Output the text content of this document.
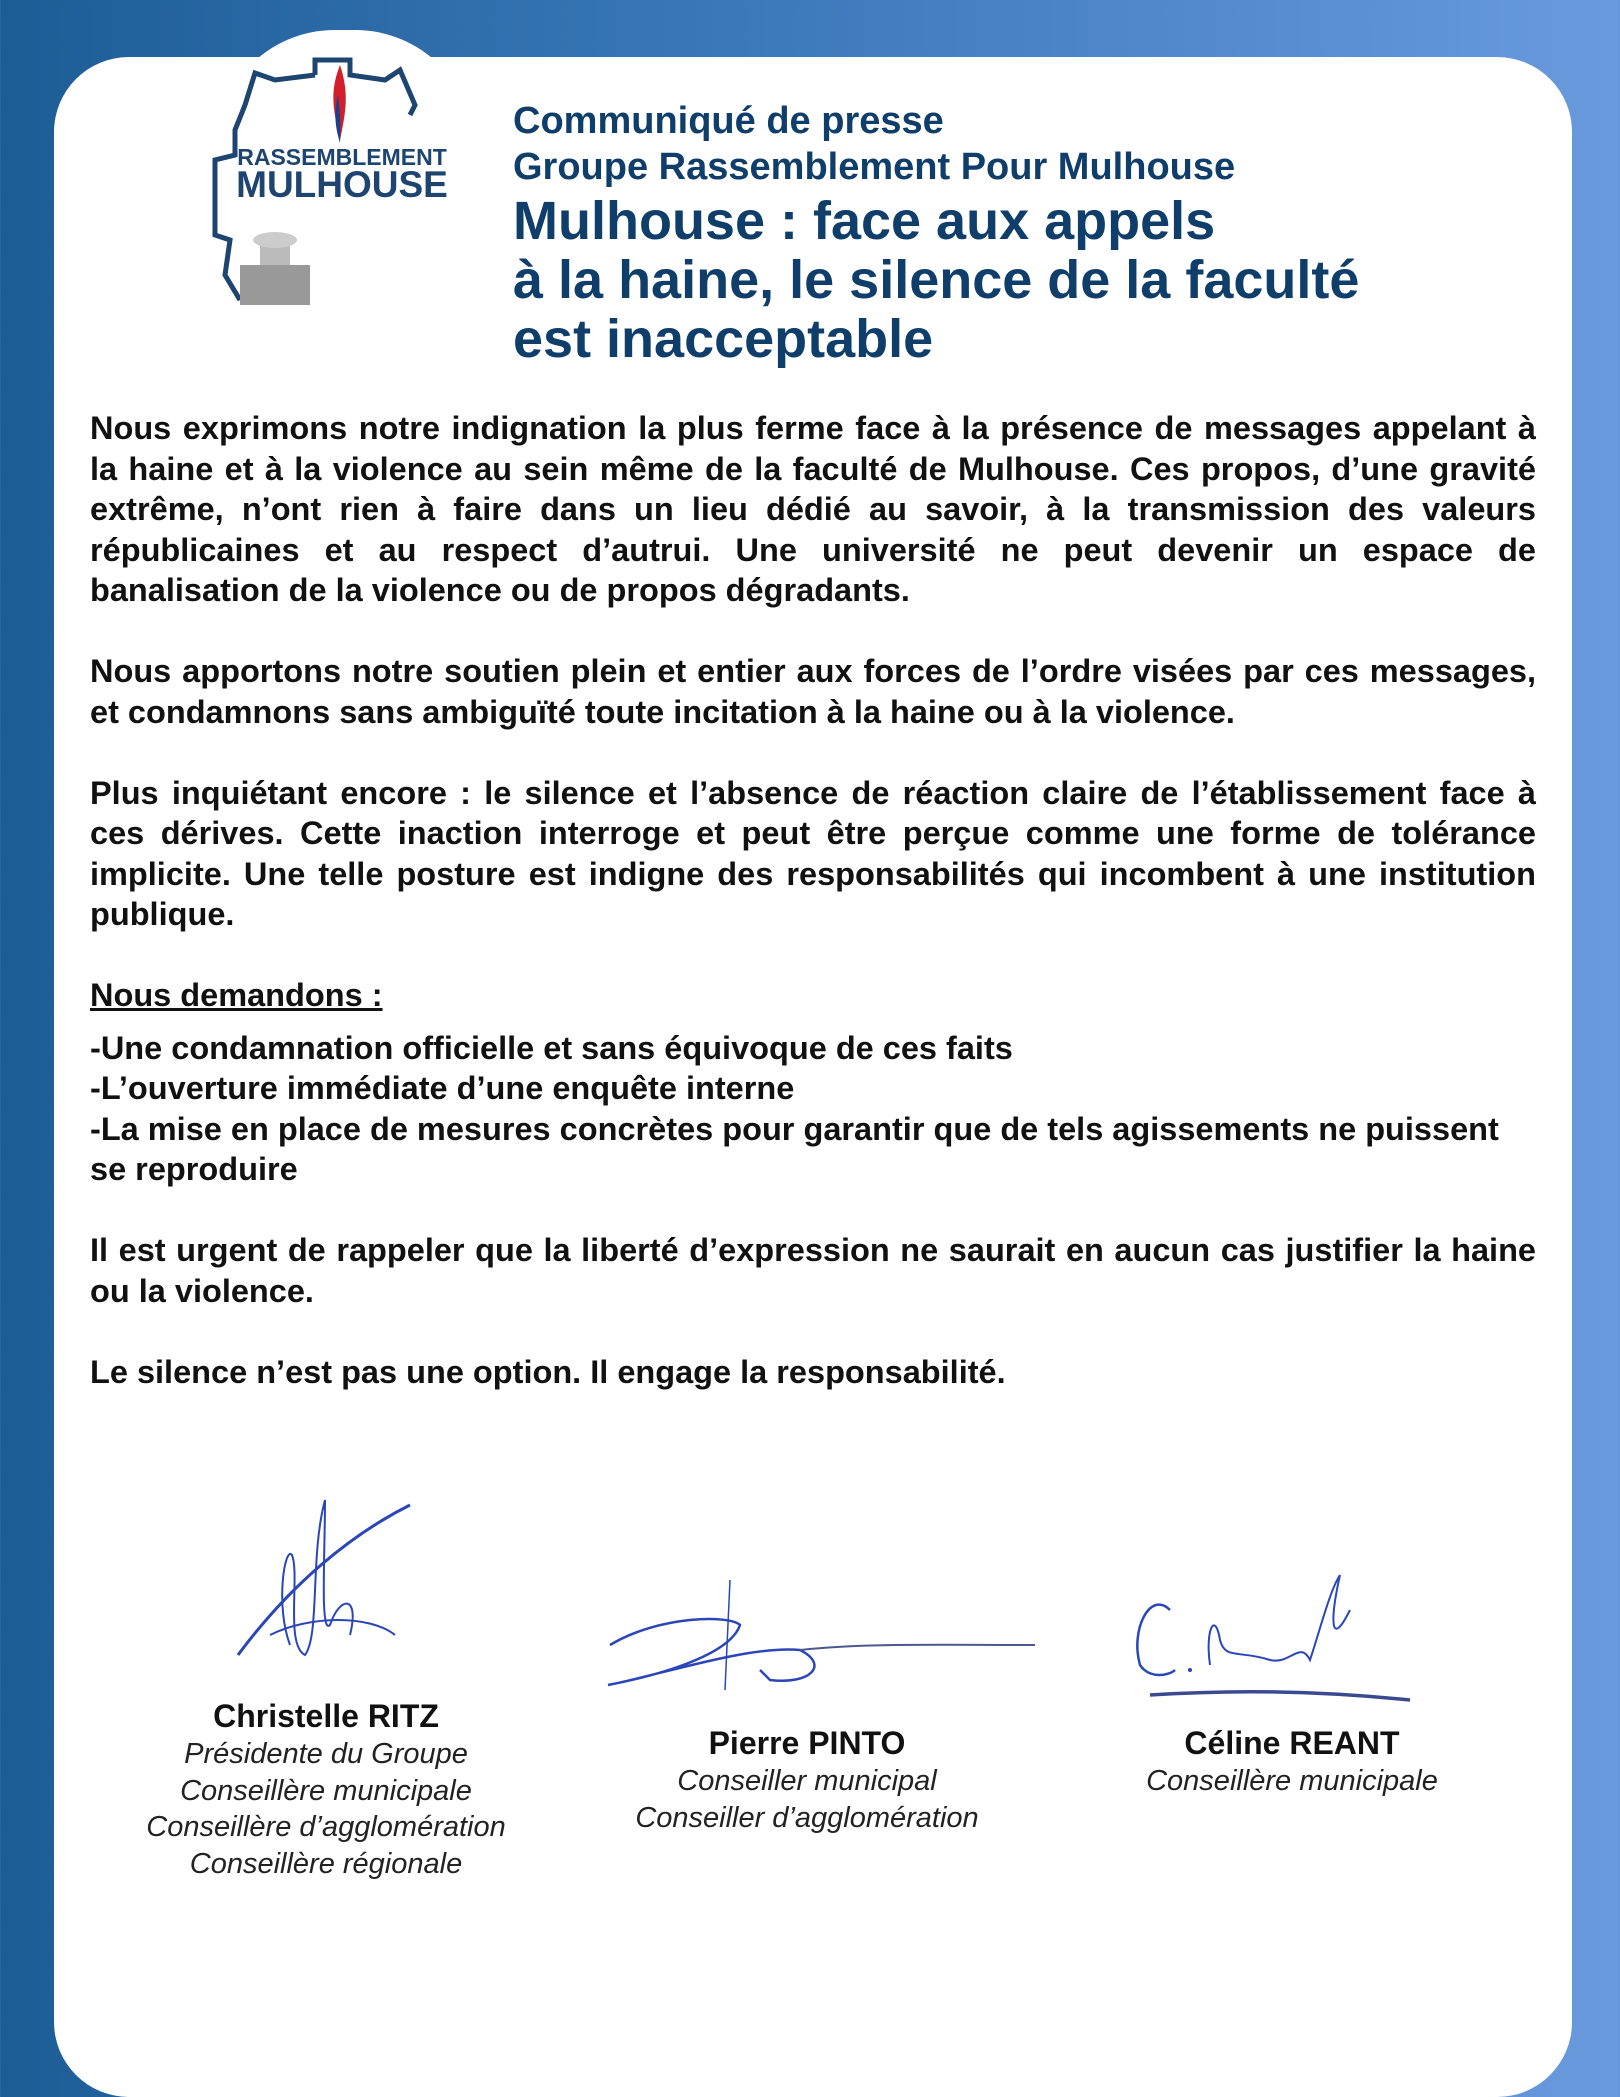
RASSEMBLEMENT
MULHOUSE
Communiqué de presse
Groupe Rassemblement Pour Mulhouse
Mulhouse : face aux appels
à la haine, le silence de la faculté
est inacceptable

Nous exprimons notre indignation la plus ferme face à la présence de messages appelant à la haine et à la violence au sein même de la faculté de Mulhouse. Ces propos, d’une gravité extrême, n’ont rien à faire dans un lieu dédié au savoir, à la transmission des valeurs républicaines et au respect d’autrui. Une université ne peut devenir un espace de banalisation de la violence ou de propos dégradants.

Nous apportons notre soutien plein et entier aux forces de l’ordre visées par ces messages, et condamnons sans ambiguïté toute incitation à la haine ou à la violence.

Plus inquiétant encore : le silence et l’absence de réaction claire de l’établissement face à ces dérives. Cette inaction interroge et peut être perçue comme une forme de tolérance implicite. Une telle posture est indigne des responsabilités qui incombent à une institution publique.

Nous demandons :

-Une condamnation officielle et sans équivoque de ces faits
-L’ouverture immédiate d’une enquête interne
-La mise en place de mesures concrètes pour garantir que de tels agissements ne puissent se reproduire

Il est urgent de rappeler que la liberté d’expression ne saurait en aucun cas justifier la haine ou la violence.

Le silence n’est pas une option. Il engage la responsabilité.

Christelle RITZ
Présidente du Groupe
Conseillère municipale
Conseillère d’agglomération
Conseillère régionale
Pierre PINTO
Conseiller municipal
Conseiller d’agglomération
Céline REANT
Conseillère municipale
